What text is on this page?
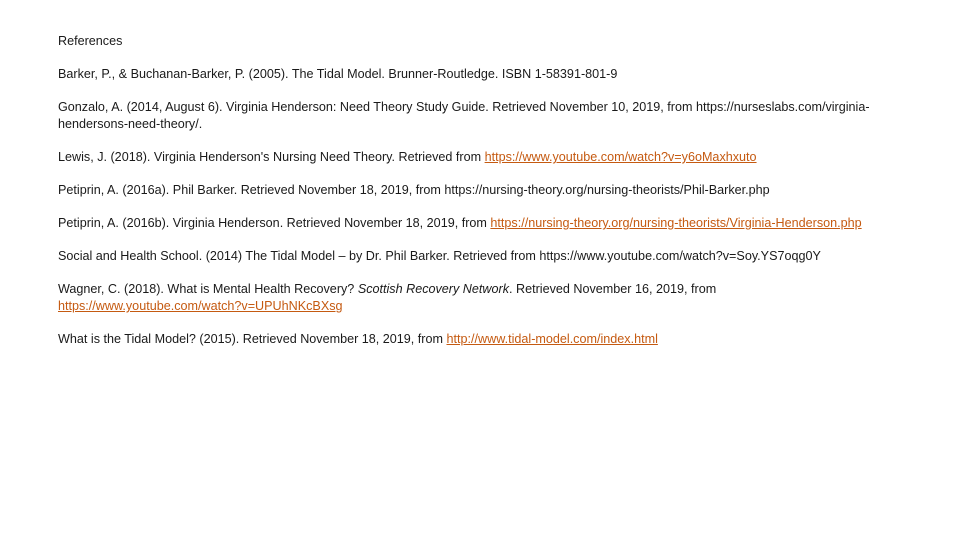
References

Barker, P., & Buchanan-Barker, P. (2005). The Tidal Model. Brunner-Routledge. ISBN 1-58391-801-9

Gonzalo, A. (2014, August 6). Virginia Henderson: Need Theory Study Guide. Retrieved November 10, 2019, from https://nurseslabs.com/virginia-hendersons-need-theory/.

Lewis, J. (2018). Virginia Henderson's Nursing Need Theory. Retrieved from https://www.youtube.com/watch?v=y6oMaxhxuto

Petiprin, A. (2016a). Phil Barker. Retrieved November 18, 2019, from https://nursing-theory.org/nursing-theorists/Phil-Barker.php

Petiprin, A. (2016b). Virginia Henderson. Retrieved November 18, 2019, from https://nursing-theory.org/nursing-theorists/Virginia-Henderson.php

Social and Health School. (2014) The Tidal Model – by Dr. Phil Barker. Retrieved from https://www.youtube.com/watch?v=Soy.YS7oqg0Y

Wagner, C. (2018). What is Mental Health Recovery? Scottish Recovery Network. Retrieved November 16, 2019, from https://www.youtube.com/watch?v=UPUhNKcBXsg

What is the Tidal Model? (2015). Retrieved November 18, 2019, from http://www.tidal-model.com/index.html
